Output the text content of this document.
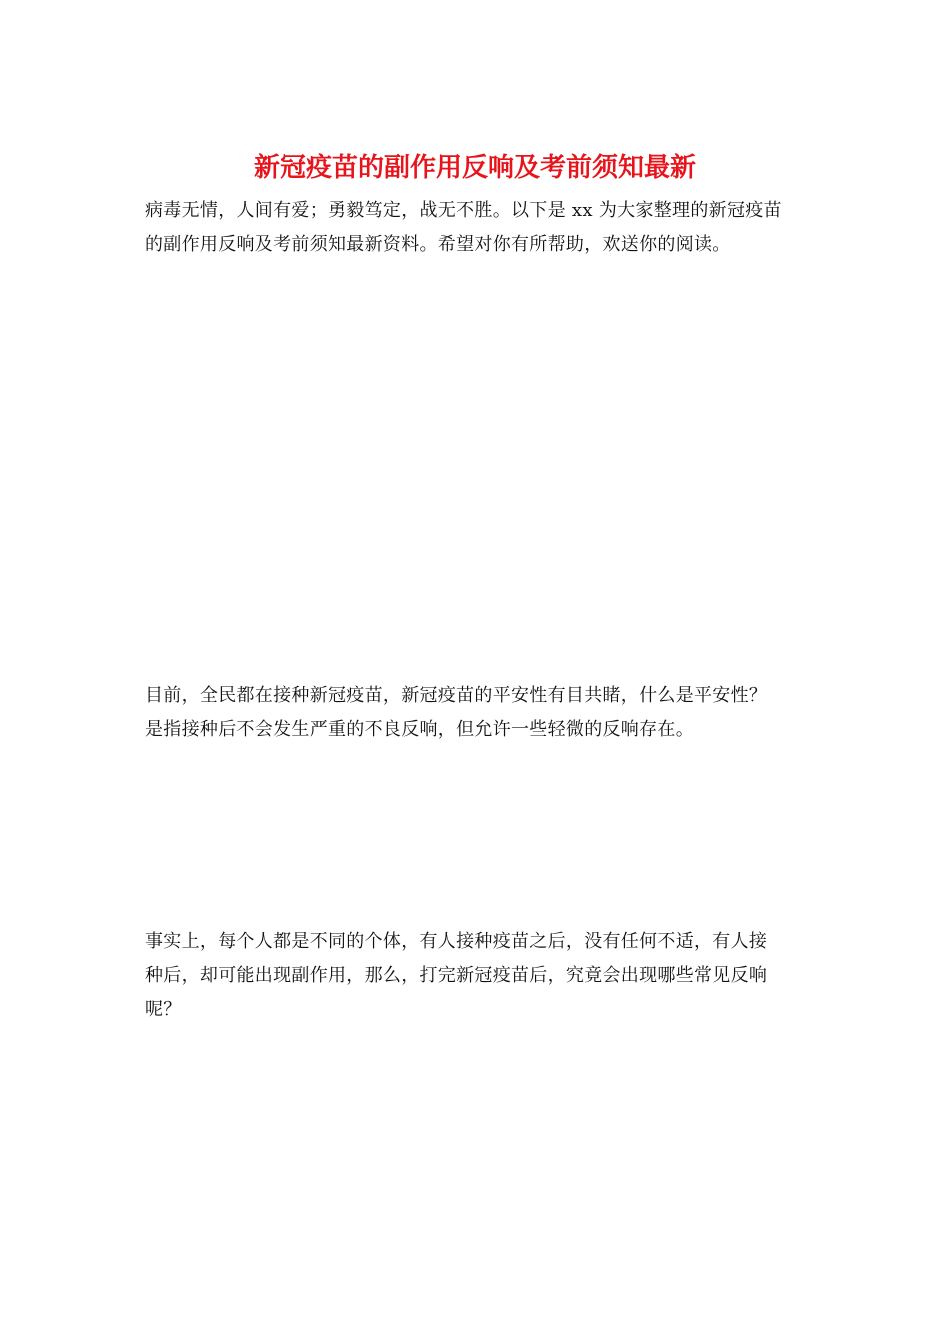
新冠疫苗的副作用反响及考前须知最新

病毒无情，人间有爱；勇毅笃定，战无不胜。以下是 xx 为大家整理的新冠疫苗
的副作用反响及考前须知最新资料。希望对你有所帮助，欢送你的阅读。

目前，全民都在接种新冠疫苗，新冠疫苗的平安性有目共睹，什么是平安性？
是指接种后不会发生严重的不良反响，但允许一些轻微的反响存在。

事实上，每个人都是不同的个体，有人接种疫苗之后，没有任何不适，有人接
种后，却可能出现副作用，那么，打完新冠疫苗后，究竟会出现哪些常见反响
呢？
